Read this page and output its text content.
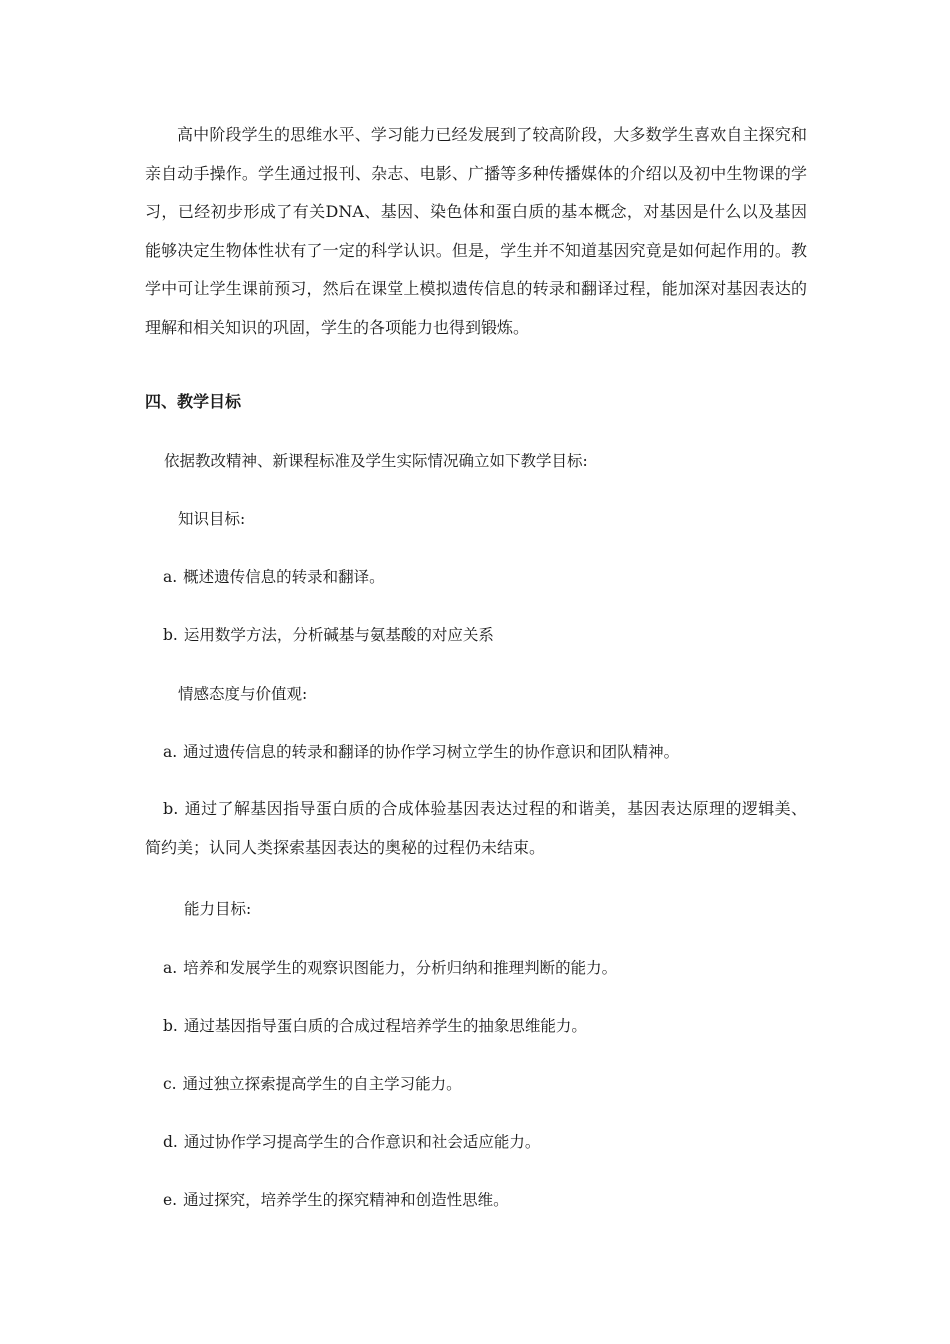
高中阶段学生的思维水平、学习能力已经发展到了较高阶段，大多数学生喜欢自主探究和亲自动手操作。学生通过报刊、杂志、电影、广播等多种传播媒体的介绍以及初中生物课的学习，已经初步形成了有关DNA、基因、染色体和蛋白质的基本概念，对基因是什么以及基因能够决定生物体性状有了一定的科学认识。但是，学生并不知道基因究竟是如何起作用的。教学中可让学生课前预习，然后在课堂上模拟遗传信息的转录和翻译过程，能加深对基因表达的理解和相关知识的巩固，学生的各项能力也得到锻炼。

四、教学目标

依据教改精神、新课程标准及学生实际情况确立如下教学目标:

知识目标:

a. 概述遗传信息的转录和翻译。

b. 运用数学方法，分析碱基与氨基酸的对应关系

情感态度与价值观:

a. 通过遗传信息的转录和翻译的协作学习树立学生的协作意识和团队精神。

b. 通过了解基因指导蛋白质的合成体验基因表达过程的和谐美，基因表达原理的逻辑美、简约美；认同人类探索基因表达的奥秘的过程仍未结束。

能力目标:

a. 培养和发展学生的观察识图能力，分析归纳和推理判断的能力。

b. 通过基因指导蛋白质的合成过程培养学生的抽象思维能力。

c. 通过独立探索提高学生的自主学习能力。

d. 通过协作学习提高学生的合作意识和社会适应能力。

e. 通过探究，培养学生的探究精神和创造性思维。
